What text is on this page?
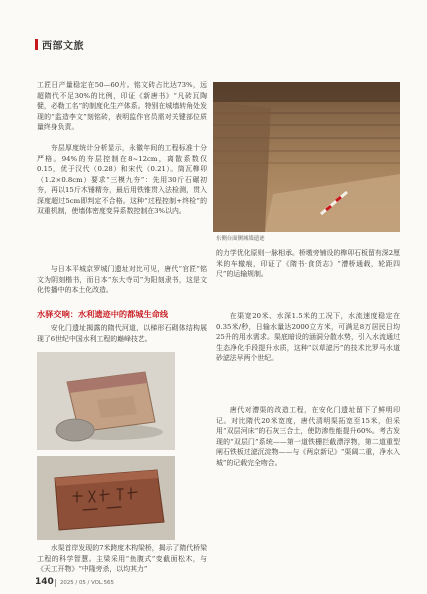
西部文旅

工匠日产量稳定在50—60片。铭文砖占比达73%，远超隋代不足30%的比例，印证《新唐书》“凡砖瓦陶甓，必勒工名”的制度化生产体系。特别在城墙转角处发现的“监造李文”刻铭砖，表明监作官员需对关键部位质量终身负责。

夯层厚度统计分析显示，永徽年间的工程标准十分严格。94%的夯层控制在8~12cm，离散系数仅0.15，优于汉代（0.28）和宋代（0.21）。筒瓦榫卯（1.2×0.8cm）要求“三模九夯”：先用30斤石碾初夯，再以15斤木锤精夯，最后用铁锥贯入法检测，贯入深度超过5cm即判定不合格。这种“过程控制+终检”的双重机制，使墙体密度变异系数控制在3%以内。

与日本平城京罗城门遗址对比可见，唐代“官匠”铭文为阴刻楷书，而日本“东大寺司”为阳刻隶书，这是文化传播中的本土化改造。

水驿交响：水利遗迹中的都城生命线

安化门遗址揭露的隋代河道，以梯形石砌体结构展现了6世纪中国水利工程的巅峰技艺。

水渠首岸发现的7米跨度木构梁桥，揭示了隋代桥梁工程的科学智慧。主梁采用“鱼腹式”变截面松木，与《天工开物》“中隆旁杀，以均其力”

东侧台面侧城墙遗迹

的力学优化原则一脉相承。桥墩旁铺设的榫卯石板留有深2厘米的车辙痕，印证了《隋书·食货志》“漕桥通载，轮距四尺”的运输规制。

在渠宽20米、水深1.5米的工况下，水流速度稳定在0.35米/秒，日输水量达2000立方米，可满足8万居民日均25升的用水需求。渠底暗设的涵洞分散水势，引入水流通过生态净化手段提升水质，这种“以草滤污”的技术比罗马水道砂滤法早两个世纪。

唐代对漕渠的改造工程，在安化门遗址留下了鲜明印记。对比隋代20米宽度，唐代清明渠拓宽至15米，但采用“双层河床”的石灰三合土，使防渗性能提升60%。考古发现的“双层门”系统——第一道铁栅拦截漂浮物，第二道重型闸石铁板过滤沉淀物——与《两京新记》“渠阔二重，净水入城”的记载完全吻合。

140	2025 / 05 / VOL.565
